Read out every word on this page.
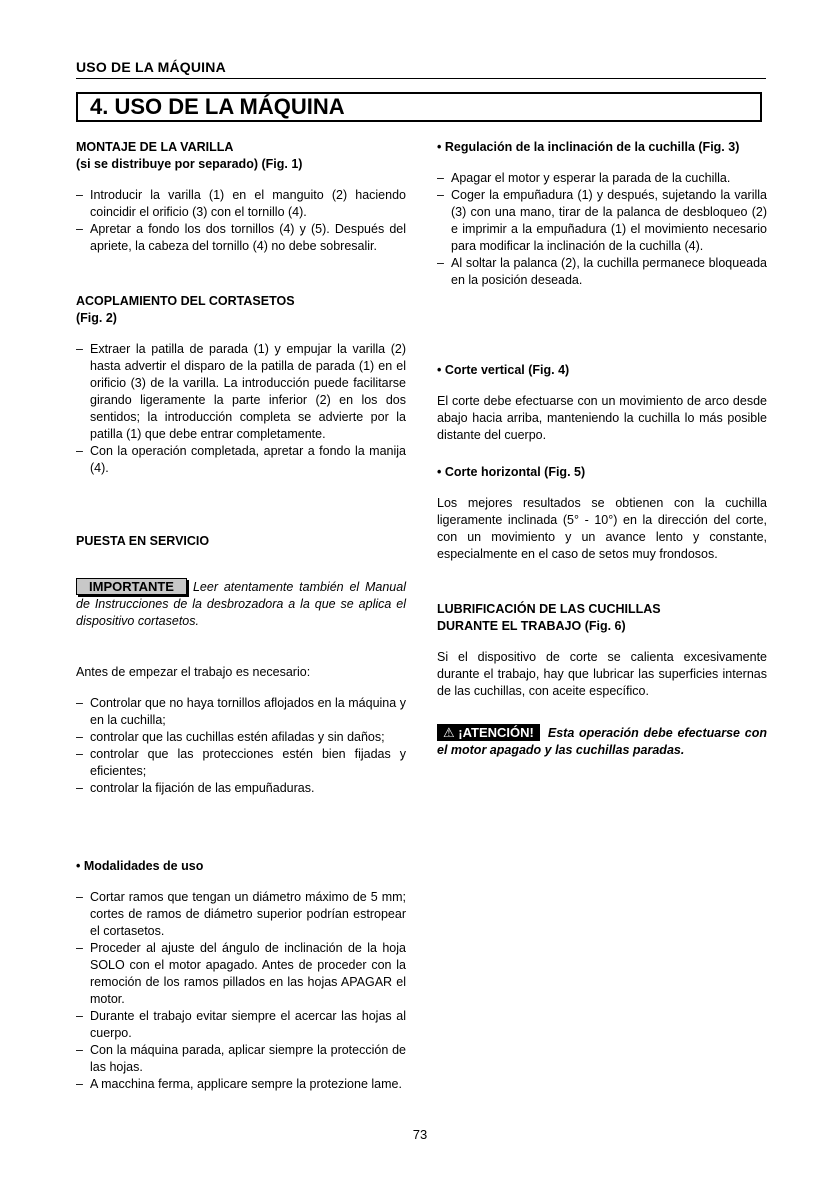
USO DE LA MÁQUINA
4. USO DE LA MÁQUINA
MONTAJE DE LA VARILLA
(si se distribuye por separado) (Fig. 1)
– Introducir la varilla (1) en el manguito (2) haciendo coincidir el orificio (3) con el tornillo (4).
– Apretar a fondo los dos tornillos (4) y (5). Después del apriete, la cabeza del tornillo (4) no debe sobresalir.
ACOPLAMIENTO DEL CORTASETOS
(Fig. 2)
– Extraer la patilla de parada (1) y empujar la varilla (2) hasta advertir el disparo de la patilla de parada (1) en el orificio (3) de la varilla. La introducción puede facilitarse girando ligeramente la parte inferior (2) en los dos sentidos; la introducción completa se advierte por la patilla (1) que debe entrar completamente.
– Con la operación completada, apretar a fondo la manija (4).
PUESTA EN SERVICIO

IMPORTANTE Leer atentamente también el Manual de Instrucciones de la desbrozadora a la que se aplica el dispositivo cortasetos.

Antes de empezar el trabajo es necesario:

– Controlar que no haya tornillos aflojados en la máquina y en la cuchilla;
– controlar que las cuchillas estén afiladas y sin daños;
– controlar que las protecciones estén bien fijadas y eficientes;
– controlar la fijación de las empuñaduras.
• Modalidades de uso
– Cortar ramos que tengan un diámetro máximo de 5 mm; cortes de ramos de diámetro superior podrían estropear el cortasetos.
– Proceder al ajuste del ángulo de inclinación de la hoja SOLO con el motor apagado. Antes de proceder con la remoción de los ramos pillados en las hojas APAGAR el motor.
– Durante el trabajo evitar siempre el acercar las hojas al cuerpo.
– Con la máquina parada, aplicar siempre la protección de las hojas.
– A macchina ferma, applicare sempre la protezione lame.
• Regulación de la inclinación de la cuchilla (Fig. 3)
– Apagar el motor y esperar la parada de la cuchilla.
– Coger la empuñadura (1) y después, sujetando la varilla (3) con una mano, tirar de la palanca de desbloqueo (2) e imprimir a la empuñadura (1) el movimiento necesario para modificar la inclinación de la cuchilla (4).
– Al soltar la palanca (2), la cuchilla permanece bloqueada en la posición deseada.
• Corte vertical (Fig. 4)

El corte debe efectuarse con un movimiento de arco desde abajo hacia arriba, manteniendo la cuchilla lo más posible distante del cuerpo.

• Corte horizontal (Fig. 5)

Los mejores resultados se obtienen con la cuchilla ligeramente inclinada (5° - 10°) en la dirección del corte, con un movimiento y un avance lento y constante, especialmente en el caso de setos muy frondosos.

LUBRIFICACIÓN DE LAS CUCHILLAS
DURANTE EL TRABAJO (Fig. 6)

Si el dispositivo de corte se calienta excesivamente durante el trabajo, hay que lubricar las superficies internas de las cuchillas, con aceite específico.

⚠ ¡ATENCIÓN! Esta operación debe efectuarse con el motor apagado y las cuchillas paradas.

73
